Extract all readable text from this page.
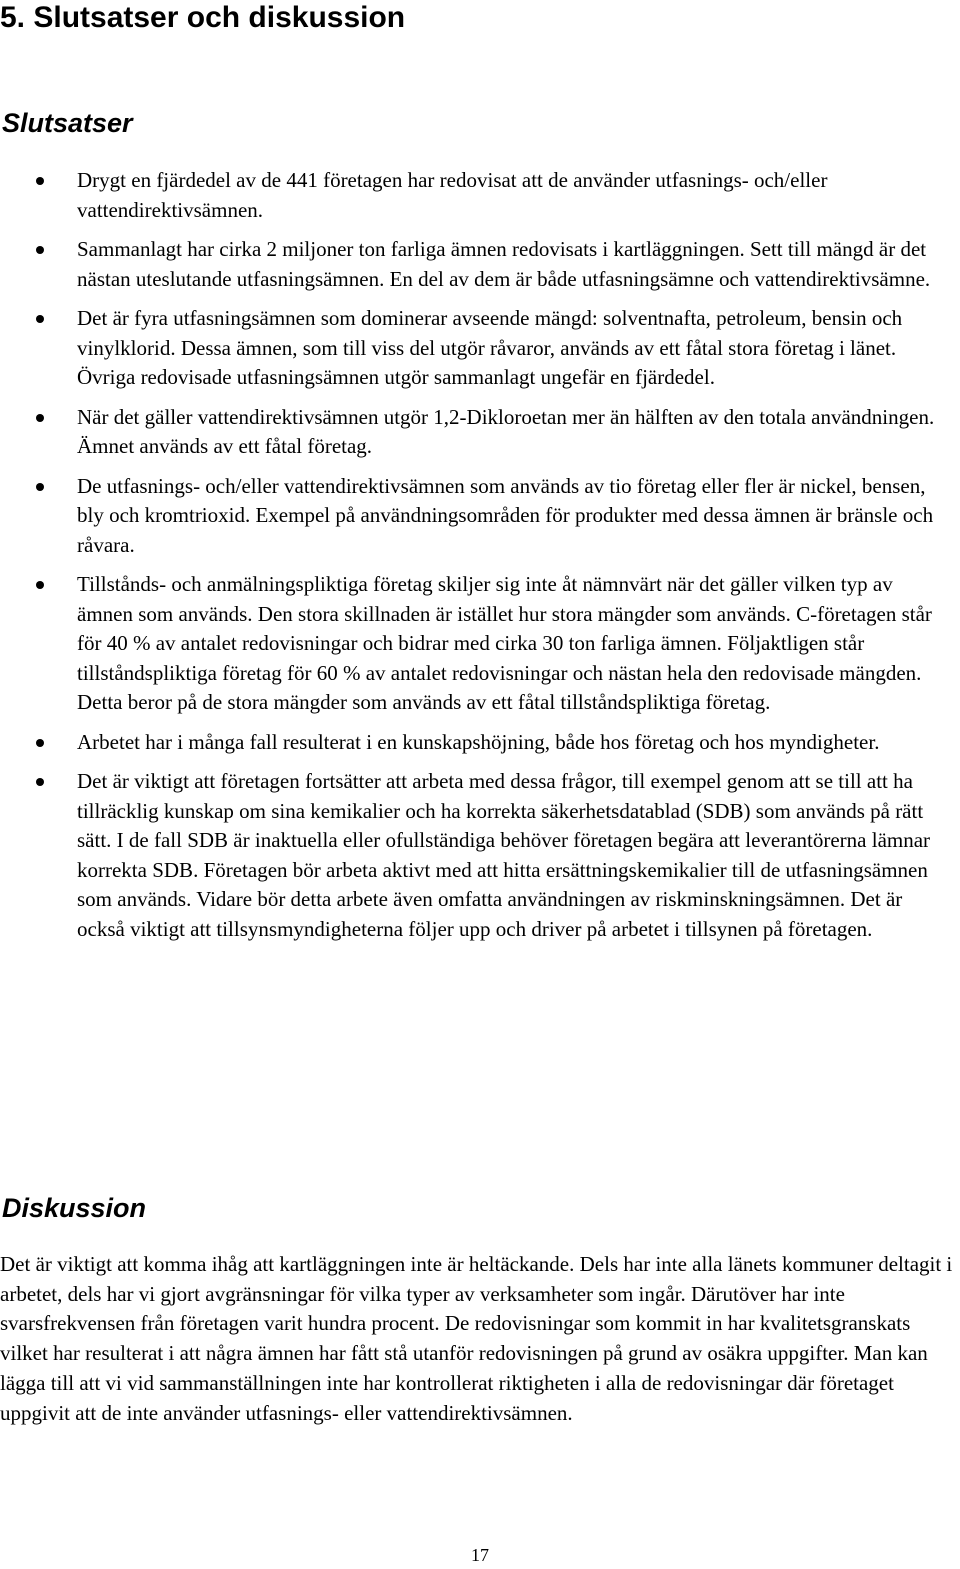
5. Slutsatser och diskussion
Slutsatser
Drygt en fjärdedel av de 441 företagen har redovisat att de använder utfasnings- och/eller vattendirektivsämnen.
Sammanlagt har cirka 2 miljoner ton farliga ämnen redovisats i kartläggningen. Sett till mängd är det nästan uteslutande utfasningsämnen. En del av dem är både utfasningsämne och vattendirektivsämne.
Det är fyra utfasningsämnen som dominerar avseende mängd: solventnafta, petroleum, bensin och vinylklorid. Dessa ämnen, som till viss del utgör råvaror, används av ett fåtal stora företag i länet. Övriga redovisade utfasningsämnen utgör sammanlagt ungefär en fjärdedel.
När det gäller vattendirektivsämnen utgör 1,2-Dikloroetan mer än hälften av den totala användningen. Ämnet används av ett fåtal företag.
De utfasnings- och/eller vattendirektivsämnen som används av tio företag eller fler är nickel, bensen, bly och kromtrioxid. Exempel på användningsområden för produkter med dessa ämnen är bränsle och råvara.
Tillstånds- och anmälningspliktiga företag skiljer sig inte åt nämnvärt när det gäller vilken typ av ämnen som används. Den stora skillnaden är istället hur stora mängder som används. C-företagen står för 40 % av antalet redovisningar och bidrar med cirka 30 ton farliga ämnen. Följaktligen står tillståndspliktiga företag för 60 % av antalet redovisningar och nästan hela den redovisade mängden. Detta beror på de stora mängder som används av ett fåtal tillståndspliktiga företag.
Arbetet har i många fall resulterat i en kunskapshöjning, både hos företag och hos myndigheter.
Det är viktigt att företagen fortsätter att arbeta med dessa frågor, till exempel genom att se till att ha tillräcklig kunskap om sina kemikalier och ha korrekta säkerhetsdatablad (SDB) som används på rätt sätt. I de fall SDB är inaktuella eller ofullständiga behöver företagen begära att leverantörerna lämnar korrekta SDB. Företagen bör arbeta aktivt med att hitta ersättningskemikalier till de utfasningsämnen som används. Vidare bör detta arbete även omfatta användningen av riskminskningsämnen. Det är också viktigt att tillsynsmyndigheterna följer upp och driver på arbetet i tillsynen på företagen.
Diskussion

Det är viktigt att komma ihåg att kartläggningen inte är heltäckande. Dels har inte alla länets kommuner deltagit i arbetet, dels har vi gjort avgränsningar för vilka typer av verksamheter som ingår. Därutöver har inte svarsfrekvensen från företagen varit hundra procent. De redovisningar som kommit in har kvalitetsgranskats vilket har resulterat i att några ämnen har fått stå utanför redovisningen på grund av osäkra uppgifter. Man kan lägga till att vi vid sammanställningen inte har kontrollerat riktigheten i alla de redovisningar där företaget uppgivit att de inte använder utfasnings- eller vattendirektivsämnen.

17
